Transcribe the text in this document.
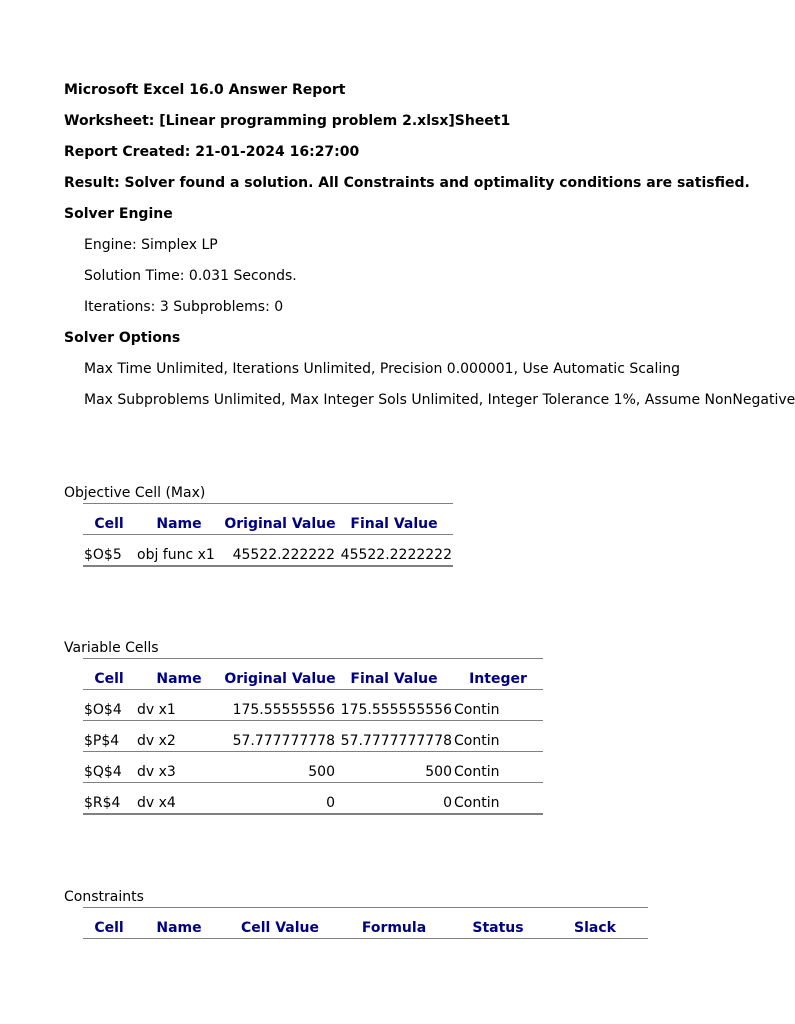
Microsoft Excel 16.0 Answer Report
Worksheet: [Linear programming problem 2.xlsx]Sheet1
Report Created: 21-01-2024 16:27:00
Result: Solver found a solution. All Constraints and optimality conditions are satisfied.
Solver Engine
Engine: Simplex LP
Solution Time: 0.031 Seconds.
Iterations: 3 Subproblems: 0
Solver Options
Max Time Unlimited, Iterations Unlimited, Precision 0.000001, Use Automatic Scaling
Max Subproblems Unlimited, Max Integer Sols Unlimited, Integer Tolerance 1%, Assume NonNegative
Objective Cell (Max)
Cell	Name	Original Value	Final Value
$O$5 obj func x1	45522.222222 45522.2222222
Variable Cells
Cell	Name	Original Value	Final Value	Integer
$O$4 dv x1	175.55555556 175.555555556 Contin
$P$4 dv x2	57.777777778 57.7777777778 Contin
$Q$4 dv x3	500	500 Contin
$R$4 dv x4	0	0 Contin
Constraints
Cell	Name	Cell Value	Formula	Status	Slack
